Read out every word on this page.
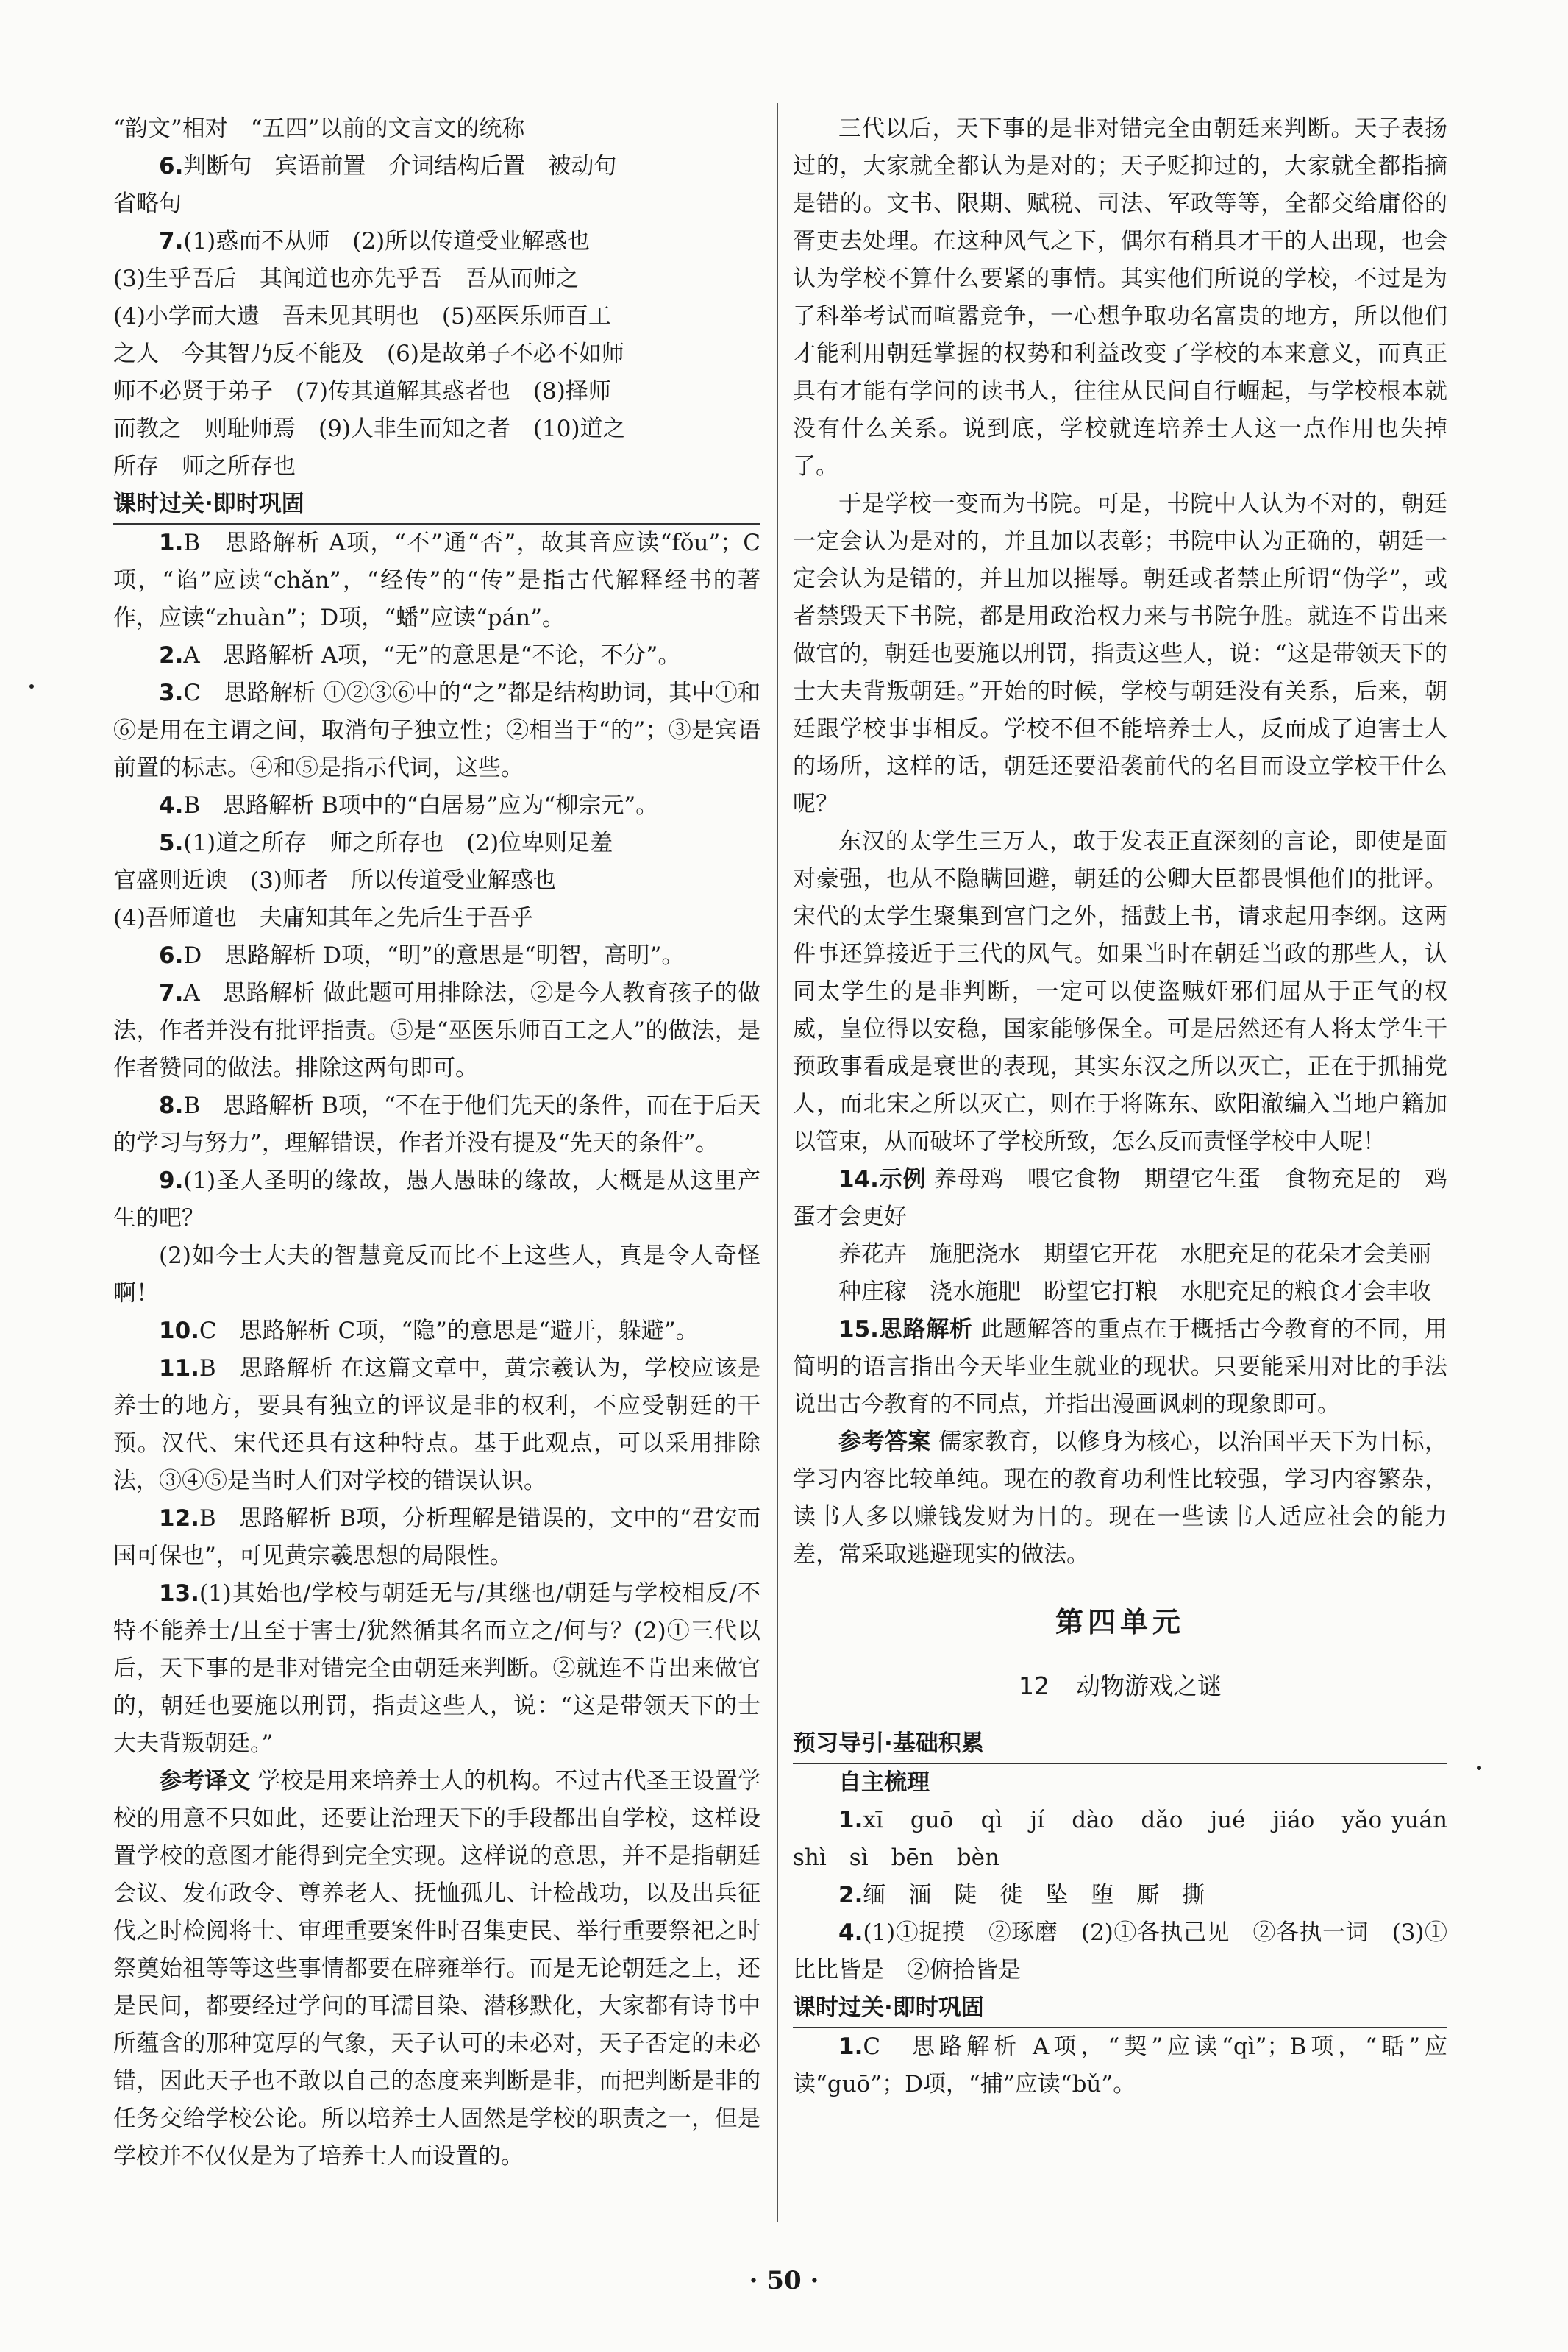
“韵文”相对　“五四”以前的文言文的统称

6.判断句　宾语前置　介词结构后置　被动句

省略句

7.(1)惑而不从师　(2)所以传道受业解惑也

(3)生乎吾后　其闻道也亦先乎吾　吾从而师之

(4)小学而大遗　吾未见其明也　(5)巫医乐师百工

之人　今其智乃反不能及　(6)是故弟子不必不如师

师不必贤于弟子　(7)传其道解其惑者也　(8)择师

而教之　则耻师焉　(9)人非生而知之者　(10)道之

所存　师之所存也

课时过关·即时巩固

1.B　思路解析 A项，“不”通“否”，故其音应读“fǒu”；C项，“谄”应读“chǎn”，“经传”的“传”是指古代解释经书的著作，应读“zhuàn”；D项，“蟠”应读“pán”。

2.A　思路解析 A项，“无”的意思是“不论，不分”。

3.C　思路解析 ①②③⑥中的“之”都是结构助词，其中①和⑥是用在主谓之间，取消句子独立性；②相当于“的”；③是宾语前置的标志。④和⑤是指示代词，这些。

4.B　思路解析 B项中的“白居易”应为“柳宗元”。

5.(1)道之所存　师之所存也　(2)位卑则足羞

官盛则近谀　(3)师者　所以传道受业解惑也

(4)吾师道也　夫庸知其年之先后生于吾乎

6.D　思路解析 D项，“明”的意思是“明智，高明”。

7.A　思路解析 做此题可用排除法，②是今人教育孩子的做法，作者并没有批评指责。⑤是“巫医乐师百工之人”的做法，是作者赞同的做法。排除这两句即可。

8.B　思路解析 B项，“不在于他们先天的条件，而在于后天的学习与努力”，理解错误，作者并没有提及“先天的条件”。

9.(1)圣人圣明的缘故，愚人愚昧的缘故，大概是从这里产生的吧？

(2)如今士大夫的智慧竟反而比不上这些人，真是令人奇怪啊！

10.C　思路解析 C项，“隐”的意思是“避开，躲避”。

11.B　思路解析 在这篇文章中，黄宗羲认为，学校应该是养士的地方，要具有独立的评议是非的权利，不应受朝廷的干预。汉代、宋代还具有这种特点。基于此观点，可以采用排除法，③④⑤是当时人们对学校的错误认识。

12.B　思路解析 B项，分析理解是错误的，文中的“君安而国可保也”，可见黄宗羲思想的局限性。

13.(1)其始也/学校与朝廷无与/其继也/朝廷与学校相反/不特不能养士/且至于害士/犹然循其名而立之/何与？(2)①三代以后，天下事的是非对错完全由朝廷来判断。②就连不肯出来做官的，朝廷也要施以刑罚，指责这些人，说：“这是带领天下的士大夫背叛朝廷。”

参考译文 学校是用来培养士人的机构。不过古代圣王设置学校的用意不只如此，还要让治理天下的手段都出自学校，这样设置学校的意图才能得到完全实现。这样说的意思，并不是指朝廷会议、发布政令、尊养老人、抚恤孤儿、计检战功，以及出兵征伐之时检阅将士、审理重要案件时召集吏民、举行重要祭祀之时祭奠始祖等等这些事情都要在辟雍举行。而是无论朝廷之上，还是民间，都要经过学问的耳濡目染、潜移默化，大家都有诗书中所蕴含的那种宽厚的气象，天子认可的未必对，天子否定的未必错，因此天子也不敢以自己的态度来判断是非，而把判断是非的任务交给学校公论。所以培养士人固然是学校的职责之一，但是学校并不仅仅是为了培养士人而设置的。

三代以后，天下事的是非对错完全由朝廷来判断。天子表扬过的，大家就全都认为是对的；天子贬抑过的，大家就全都指摘是错的。文书、限期、赋税、司法、军政等等，全都交给庸俗的胥吏去处理。在这种风气之下，偶尔有稍具才干的人出现，也会认为学校不算什么要紧的事情。其实他们所说的学校，不过是为了科举考试而喧嚣竞争，一心想争取功名富贵的地方，所以他们才能利用朝廷掌握的权势和利益改变了学校的本来意义，而真正具有才能有学问的读书人，往往从民间自行崛起，与学校根本就没有什么关系。说到底，学校就连培养士人这一点作用也失掉了。

于是学校一变而为书院。可是，书院中人认为不对的，朝廷一定会认为是对的，并且加以表彰；书院中认为正确的，朝廷一定会认为是错的，并且加以摧辱。朝廷或者禁止所谓“伪学”，或者禁毁天下书院，都是用政治权力来与书院争胜。就连不肯出来做官的，朝廷也要施以刑罚，指责这些人，说：“这是带领天下的士大夫背叛朝廷。”开始的时候，学校与朝廷没有关系，后来，朝廷跟学校事事相反。学校不但不能培养士人，反而成了迫害士人的场所，这样的话，朝廷还要沿袭前代的名目而设立学校干什么呢？

东汉的太学生三万人，敢于发表正直深刻的言论，即使是面对豪强，也从不隐瞒回避，朝廷的公卿大臣都畏惧他们的批评。宋代的太学生聚集到宫门之外，擂鼓上书，请求起用李纲。这两件事还算接近于三代的风气。如果当时在朝廷当政的那些人，认同太学生的是非判断，一定可以使盗贼奸邪们屈从于正气的权威，皇位得以安稳，国家能够保全。可是居然还有人将太学生干预政事看成是衰世的表现，其实东汉之所以灭亡，正在于抓捕党人，而北宋之所以灭亡，则在于将陈东、欧阳澈编入当地户籍加以管束，从而破坏了学校所致，怎么反而责怪学校中人呢！

14.示例 养母鸡　喂它食物　期望它生蛋　食物充足的　鸡蛋才会更好

养花卉　施肥浇水　期望它开花　水肥充足的花朵才会美丽

种庄稼　浇水施肥　盼望它打粮　水肥充足的粮食才会丰收

15.思路解析 此题解答的重点在于概括古今教育的不同，用简明的语言指出今天毕业生就业的现状。只要能采用对比的手法说出古今教育的不同点，并指出漫画讽刺的现象即可。

参考答案 儒家教育，以修身为核心，以治国平天下为目标，学习内容比较单纯。现在的教育功利性比较强，学习内容繁杂，读书人多以赚钱发财为目的。现在一些读书人适应社会的能力差，常采取逃避现实的做法。

第四单元
12 动物游戏之谜
预习导引·基础积累
自主梳理

1.xī　guō　qì　jí　dào　dǎo　jué　jiáo　yǎo yuán　shì　sì　bēn　bèn

2.缅　湎　陡　徙　坠　堕　厮　撕

4.(1)①捉摸　②琢磨　(2)①各执己见　②各执一词　(3)①比比皆是　②俯拾皆是

课时过关·即时巩固

1.C　思路解析 A项，“契”应读“qì”；B项，“聒”应读“guō”；D项，“捕”应读“bǔ”。

· 50 ·
